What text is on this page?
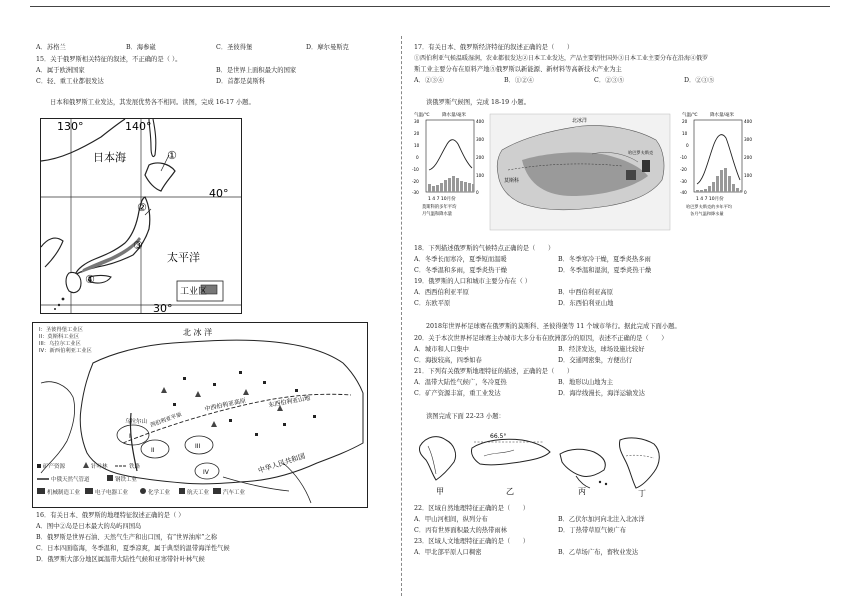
A．苏格兰	B．海参崴	C．圣彼得堡	D．摩尔曼斯克
15．关于俄罗斯相关特征的叙述，不正确的是（ ）。
A．属于欧洲国家	B．是世界上面积最大的国家
C．轻、重工业都很发达	D．首都是莫斯科
日本和俄罗斯工业发达，其发展优势各不相同。读图，完成 16-17 小题。
130°	140°
40°
30°
日本海
太平洋
工业区
①
②
③
④
I：圣彼得堡工业区
II：莫斯科工业区
III：乌拉尔工业区
IV：新西伯利亚工业区
北 冰 洋
中西伯利亚高原	东西伯利亚山地
西伯利亚平原
乌拉尔山
中华人民共和国
I
II
III
IV
矿产资源	针叶林	铁路
中俄天然气管道	钢铁工业
机械制造工业	电子电器工业	化学工业	航天工业	汽车工业
16．有关日本、俄罗斯的地理特征叙述正确的是（ ）
A．图中②岛是日本最大的岛屿四国岛
B．俄罗斯是世界石油、天然气生产和出口国，有“世界油库”之称
C．日本四面临海，冬季温和，夏季凉爽，属于典型的温带海洋性气候
D．俄罗斯大部分地区属温带大陆性气候和亚寒带针叶林气候
17．有关日本、俄罗斯经济特征的叙述正确的是（　　）
①西伯利亚气候温暖湿润，农业都很发达②日本工业发达，产品主要销往国外③日本工业主要分布在沿海④俄罗
斯工业主要分布在原料产地⑤俄罗斯以新能源、新材料等高新技术产业为主
A．②③④	B．①②④	C．②③⑤	D．②③⑤
读俄罗斯气候图，完成 18-19 小题。
气温/℃	降水量/毫米
30
20
10
0
-10
-20
-30
400
300
200
100
0
1 4 7 10月份
莫斯科的多年平均
月气温和降水量
北冰洋
莫斯科
哈巴罗夫斯克
气温/℃	降水量/毫米
20
10
0
-10
-20
-30
-40
400
300
200
100
0
1 4 7 10月份
哈巴罗夫斯克的多年平均
各月气温和降水量
18．下列描述俄罗斯的气候特点正确的是（　　）
A．冬季长而寒冷，夏季短而温暖	B．冬季寒冷干燥，夏季炎热多雨
C．冬季温和多雨，夏季炎热干燥	D．冬季温和湿润，夏季炎热干燥
19．俄罗斯的人口和城市主要分布在（ ）
A．西西伯利亚平原	B．中西伯利亚高原
C．东欧平原	D．东西伯利亚山地
2018年世界杯足球赛在俄罗斯的莫斯科、圣彼得堡等 11 个城市举行。据此完成下面小题。
20．关于本次世界杯足球赛主办城市大多分布在欧洲部分的原因，表述不正确的是（　　）
A．城市和人口集中	B．经济发达，球场设施比较好
C．海拔较高，四季如春	D．交通网密集，方便出行
21．下列有关俄罗斯地理特征的描述，正确的是（　　）
A．温带大陆性气候广，冬冷夏热	B．地形以山地为主
C．矿产资源丰富，重工业发达	D．海岸线漫长，海洋运输发达
读图完成下面 22-23 小题：
甲
66.5°
乙	丙	丁
22．区域自然地理特征正确的是（　　）
A．甲山河相间，纵列分布	B．乙伏尔加河向北注入北冰洋
C．丙有世界面积最大的热带雨林	D．丁热带草原气候广布
23．区域人文地理特征正确的是（　　）
A．甲北部平原人口稠密	B．乙草场广布，畜牧业发达
